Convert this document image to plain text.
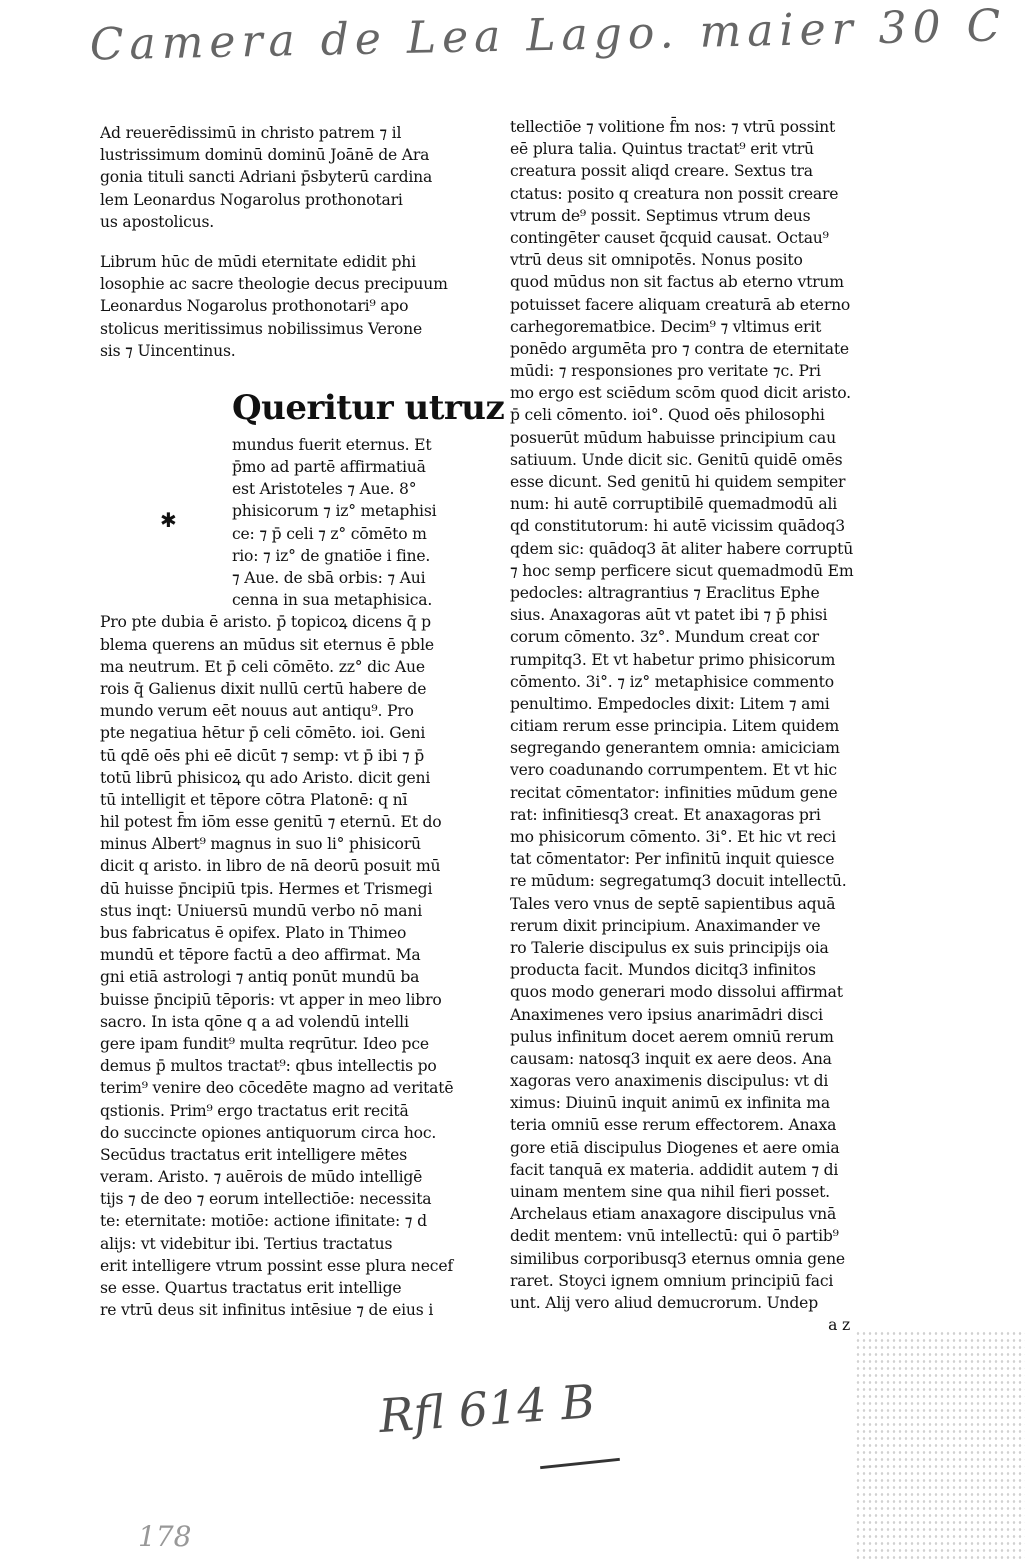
Camera de Lea Lago. maier 30 C
Ad reuerēdissimū in christo patrem ⁊ il
lustrissimum dominū dominū Joānē de Ara
gonia tituli sancti Adriani p̄sbyterū cardina
lem Leonardus Nogarolus prothonotari
us apostolicus.
Librum hūc de mūdi eternitate edidit phi
losophie ac sacre theologie decus precipuum
Leonardus Nogarolus prothonotari⁹ apo
stolicus meritissimus nobilissimus Verone
sis ⁊ Uincentinus.
Queritur utruz
mundus fuerit eternus. Et
p̄mo ad partē affirmatiuā
est Aristoteles ⁊ Aue. 8°
phisicorum ⁊ iz° metaphisi
ce: ⁊ p̄ celi ⁊ z° cōmēto m
rio: ⁊ iz° de gnatiōe i fine.
⁊ Aue. de sbā orbis: ⁊ Aui
cenna in sua metaphisica.
Pro pte dubia ē aristo. p̄ topicoꝝ dicens q̄ p
blema querens an mūdus sit eternus ē pble
ma neutrum. Et p̄ celi cōmēto. zz° dic Aue
rois q̄ Galienus dixit nullū certū habere de
mundo verum eēt nouus aut antiqu⁹. Pro
pte negatiua hētur p̄ celi cōmēto. ioi. Geni
tū qdē oēs phi eē dicūt ⁊ semp: vt p̄ ibi ⁊ p̄
totū librū phisicoꝝ qu ado Aristo. dicit geni
tū intelligit et tēpore cōtra Platonē: q nī
hil potest f̄m iōm esse genitū ⁊ eternū. Et do
minus Albert⁹ magnus in suo li° phisicorū
dicit q aristo. in libro de nā deorū posuit mū
dū huisse p̄ncipiū tpis. Hermes et Trismegi
stus inqt: Uniuersū mundū verbo nō mani
bus fabricatus ē opifex. Plato in Thimeo
mundū et tēpore factū a deo affirmat. Ma
gni etiā astrologi ⁊ antiq ponūt mundū ba
buisse p̄ncipiū tēporis: vt apper in meo libro
sacro. In ista qōne q a ad volendū intelli
gere ipam fundit⁹ multa reqrūtur. Ideo pce
demus p̄ multos tractat⁹: qbus intellectis po
terim⁹ venire deo cōcedēte magno ad veritatē
qstionis. Prim⁹ ergo tractatus erit recitā
do succincte opiones antiquorum circa hoc.
Secūdus tractatus erit intelligere mētes
veram. Aristo. ⁊ auērois de mūdo intelligē
tijs ⁊ de deo ⁊ eorum intellectiōe: necessita
te: eternitate: motiōe: actione ifinitate: ⁊ d
alijs: vt videbitur ibi. Tertius tractatus
erit intelligere vtrum possint esse plura necef
se esse. Quartus tractatus erit intellige
re vtrū deus sit infinitus intēsiue ⁊ de eius i
✱
tellectiōe ⁊ volitione f̄m nos: ⁊ vtrū possint
eē plura talia. Quintus tractat⁹ erit vtrū
creatura possit aliqd creare. Sextus tra
ctatus: posito q creatura non possit creare
vtrum de⁹ possit. Septimus vtrum deus
contingēter causet q̄cquid causat. Octau⁹
vtrū deus sit omnipotēs. Nonus posito
quod mūdus non sit factus ab eterno vtrum
potuisset facere aliquam creaturā ab eterno
carhegorematbice. Decim⁹ ⁊ vltimus erit
ponēdo argumēta pro ⁊ contra de eternitate
mūdi: ⁊ responsiones pro veritate ⁊c. Pri
mo ergo est sciēdum scōm quod dicit aristo.
p̄ celi cōmento. ioi°. Quod oēs philosophi
posuerūt mūdum habuisse principium cau
satiuum. Unde dicit sic. Genitū quidē omēs
esse dicunt. Sed genitū hi quidem sempiter
num: hi autē corruptibilē quemadmodū ali
qd constitutorum: hi autē vicissim quādoq3
qdem sic: quādoq3 āt aliter habere corruptū
⁊ hoc semp perficere sicut quemadmodū Em
pedocles: altragrantius ⁊ Eraclitus Ephe
sius. Anaxagoras aūt vt patet ibi ⁊ p̄ phisi
corum cōmento. 3z°. Mundum creat cor
rumpitq3. Et vt habetur primo phisicorum
cōmento. 3i°. ⁊ iz° metaphisice commento
penultimo. Empedocles dixit: Litem ⁊ ami
citiam rerum esse principia. Litem quidem
segregando generantem omnia: amiciciam
vero coadunando corrumpentem. Et vt hic
recitat cōmentator: infinities mūdum gene
rat: infinitiesq3 creat. Et anaxagoras pri
mo phisicorum cōmento. 3i°. Et hic vt reci
tat cōmentator: Per infinitū inquit quiesce
re mūdum: segregatumq3 docuit intellectū.
Tales vero vnus de septē sapientibus aquā
rerum dixit principium. Anaximander ve
ro Talerie discipulus ex suis principijs oia
producta facit. Mundos dicitq3 infinitos
quos modo generari modo dissolui affirmat
Anaximenes vero ipsius anarimādri disci
pulus infinitum docet aerem omniū rerum
causam: natosq3 inquit ex aere deos. Ana
xagoras vero anaximenis discipulus: vt di
ximus: Diuinū inquit animū ex infinita ma
teria omniū esse rerum effectorem. Anaxa
gore etiā discipulus Diogenes et aere omia
facit tanquā ex materia. addidit autem ⁊ di
uinam mentem sine qua nihil fieri posset.
Archelaus etiam anaxagore discipulus vnā
dedit mentem: vnū intellectū: qui ō partib⁹
similibus corporibusq3 eternus omnia gene
raret. Stoyci ignem omnium principiū faci
unt. Alij vero aliud demucrorum. Undep
a z
Rfl 614 B
178
